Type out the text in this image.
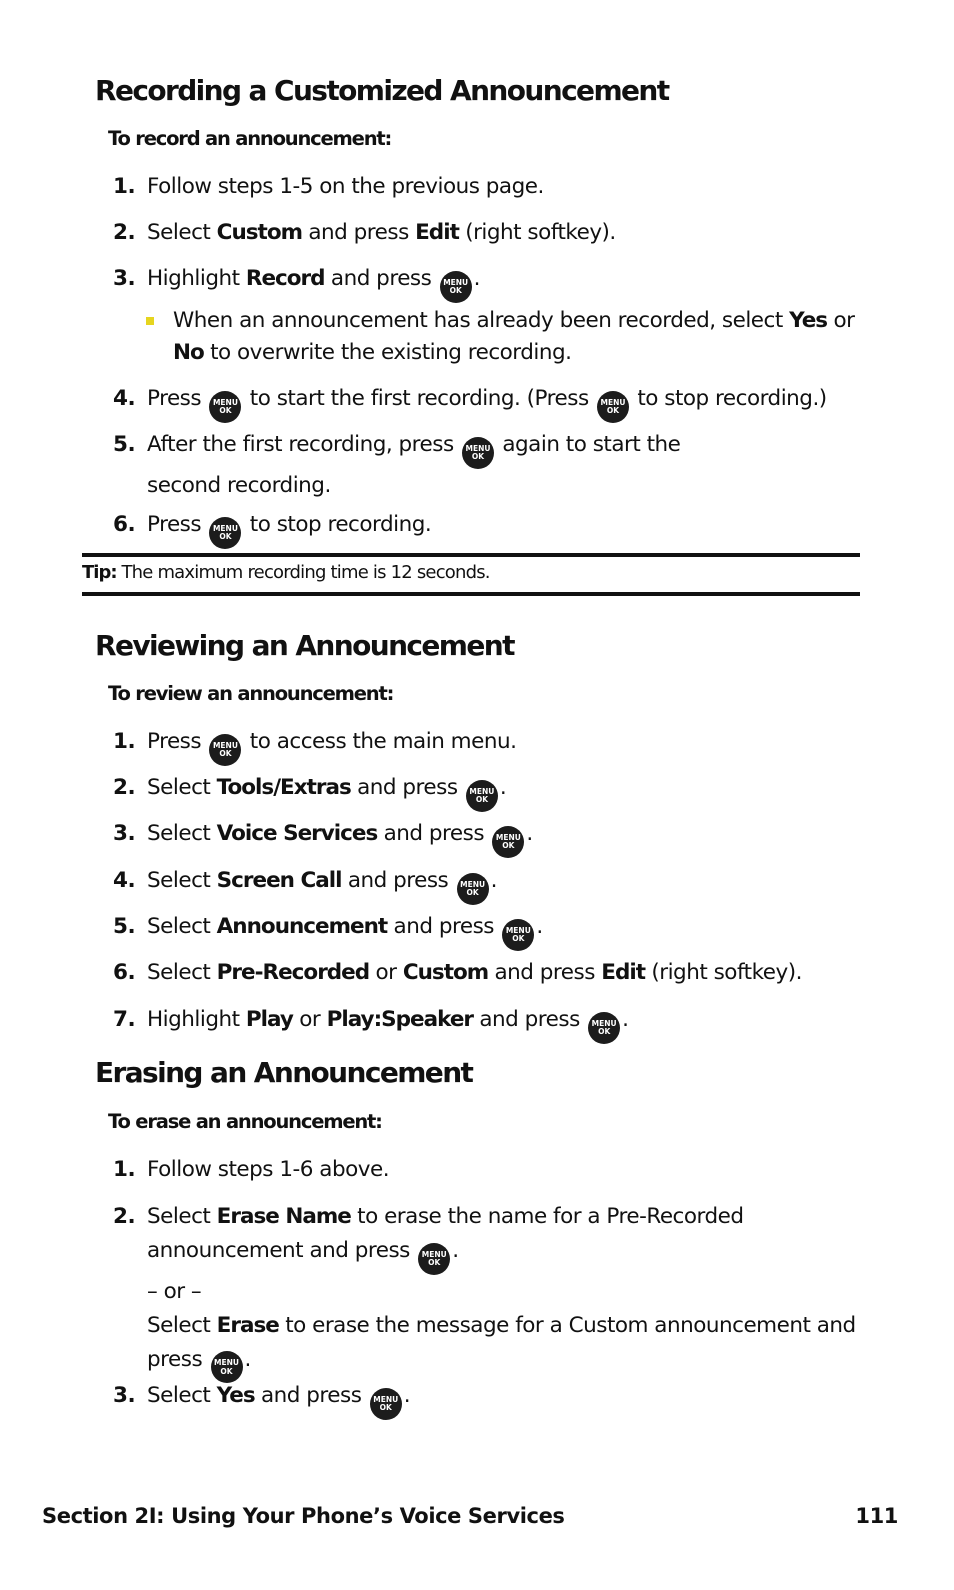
Recording a Customized Announcement
To record an announcement:
1. Follow steps 1-5 on the previous page.
2. Select Custom and press Edit (right softkey).
3. Highlight Record and press	MENU
OK .
When an announcement has already been recorded, select Yes or No to overwrite the existing recording.
4. Press	MENU
OK to start the first recording. (Press	MENU
OK to stop recording.)
5. After the first recording, press	MENU
OK again to start the
second recording.
6. Press	MENU
OK to stop recording.
Tip: The maximum recording time is 12 seconds.
Reviewing an Announcement
To review an announcement:
1. Press	MENU
OK to access the main menu.
2. Select Tools/Extras and press	MENU
OK .
3. Select Voice Services and press	MENU
OK .
4. Select Screen Call and press	MENU
OK .
5. Select Announcement and press	MENU
OK .
6. Select Pre-Recorded or Custom and press Edit (right softkey).
7. Highlight Play or Play:Speaker and press	MENU
OK .
Erasing an Announcement
To erase an announcement:
1. Follow steps 1-6 above.
2. Select Erase Name to erase the name for a Pre-Recorded
announcement and press	MENU
OK .
– or –
Select Erase to erase the message for a Custom announcement and
press	MENU
OK .
3. Select Yes and press	MENU
OK .
Section 2I: Using Your Phone’s Voice Services	111
